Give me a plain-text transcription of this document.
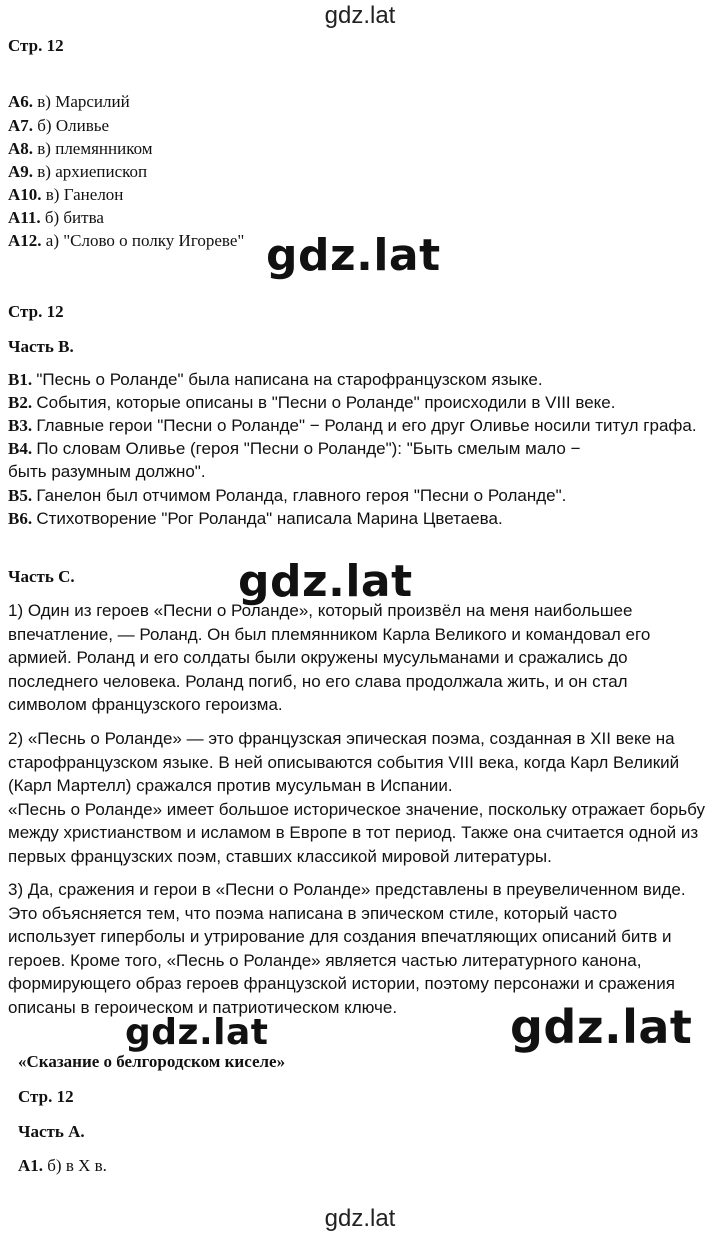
gdz.lat
Стр. 12
А6. в) Марсилий
А7. б) Оливье
А8. в) племянником
А9. в) архиепископ
А10. в) Ганелон
А11. б) битва
А12. а) "Слово о полку Игореве" gdz.lat
Стр. 12
Часть В.
В1. "Песнь о Роланде" была написана на старофранцузском языке.
В2. События, которые описаны в "Песни о Роланде" происходили в VIII веке.
В3. Главные герои "Песни о Роланде" − Роланд и его друг Оливье носили титул графа.
В4. По словам Оливье (героя "Песни о Роланде"): "Быть смелым мало −
быть разумным должно".
В5. Ганелон был отчимом Роланда, главного героя "Песни о Роланде".
В6. Стихотворение "Рог Роланда" написала Марина Цветаева.
Часть С.	gdz.lat

1) Один из героев «Песни о Роланде», который произвёл на меня наибольшее

впечатление, — Роланд. Он был племянником Карла Великого и командовал его

армией. Роланд и его солдаты были окружены мусульманами и сражались до

последнего человека. Роланд погиб, но его слава продолжала жить, и он стал

символом французского героизма.

2) «Песнь о Роланде» — это французская эпическая поэма, созданная в XII веке на

старофранцузском языке. В ней описываются события VIII века, когда Карл Великий

(Карл Мартелл) сражался против мусульман в Испании.

«Песнь о Роланде» имеет большое историческое значение, поскольку отражает борьбу

между христианством и исламом в Европе в тот период. Также она считается одной из

первых французских поэм, ставших классикой мировой литературы.

3) Да, сражения и герои в «Песни о Роланде» представлены в преувеличенном виде.

Это объясняется тем, что поэма написана в эпическом стиле, который часто

использует гиперболы и утрирование для создания впечатляющих описаний битв и

героев. Кроме того, «Песнь о Роланде» является частью литературного канона,

формирующего образ героев французской истории, поэтому персонажи и сражения

описаны в героическом и патриотическом ключе.

gdz.lat	gdz.lat
«Сказание о белгородском киселе»
Стр. 12
Часть А.
А1. б) в X в.
gdz.lat
